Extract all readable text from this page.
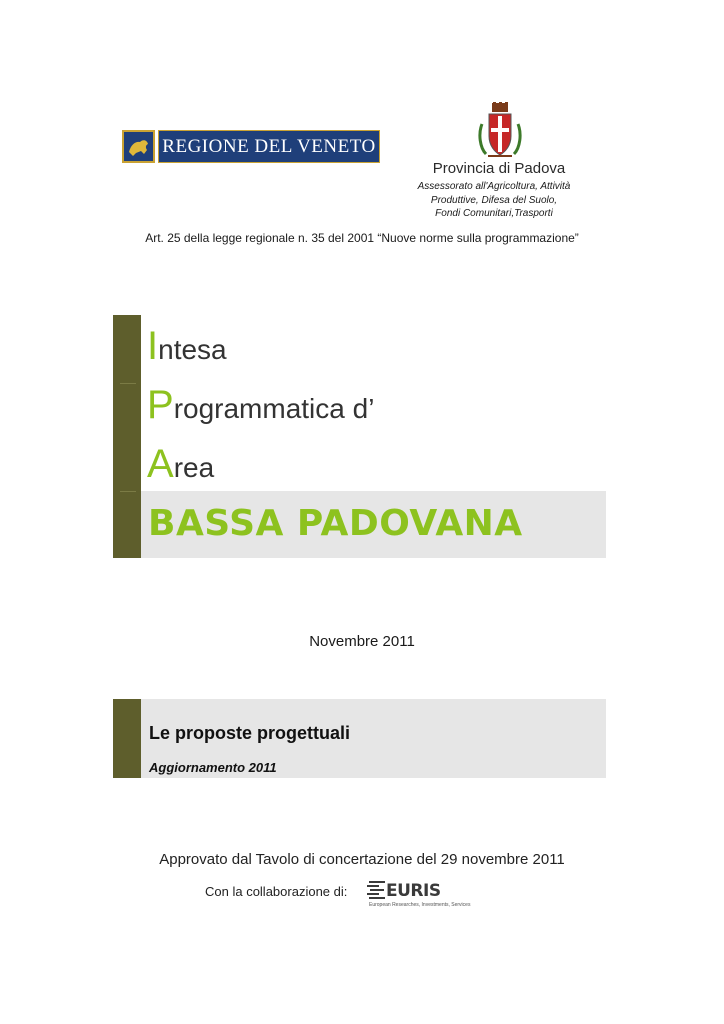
REGIONE DEL VENETO
Provincia di Padova
Assessorato all'Agricoltura, Attività
Produttive, Difesa del Suolo,
Fondi Comunitari,Trasporti
Art. 25 della legge regionale n. 35 del 2001 “Nuove norme sulla programmazione”
Intesa
Programmatica d’
Area
BASSA PADOVANA
Novembre 2011
Le proposte progettuali
Aggiornamento 2011
Approvato dal Tavolo di concertazione del 29 novembre 2011
Con la collaborazione di: EURIS
European Researches, Investments, Services
